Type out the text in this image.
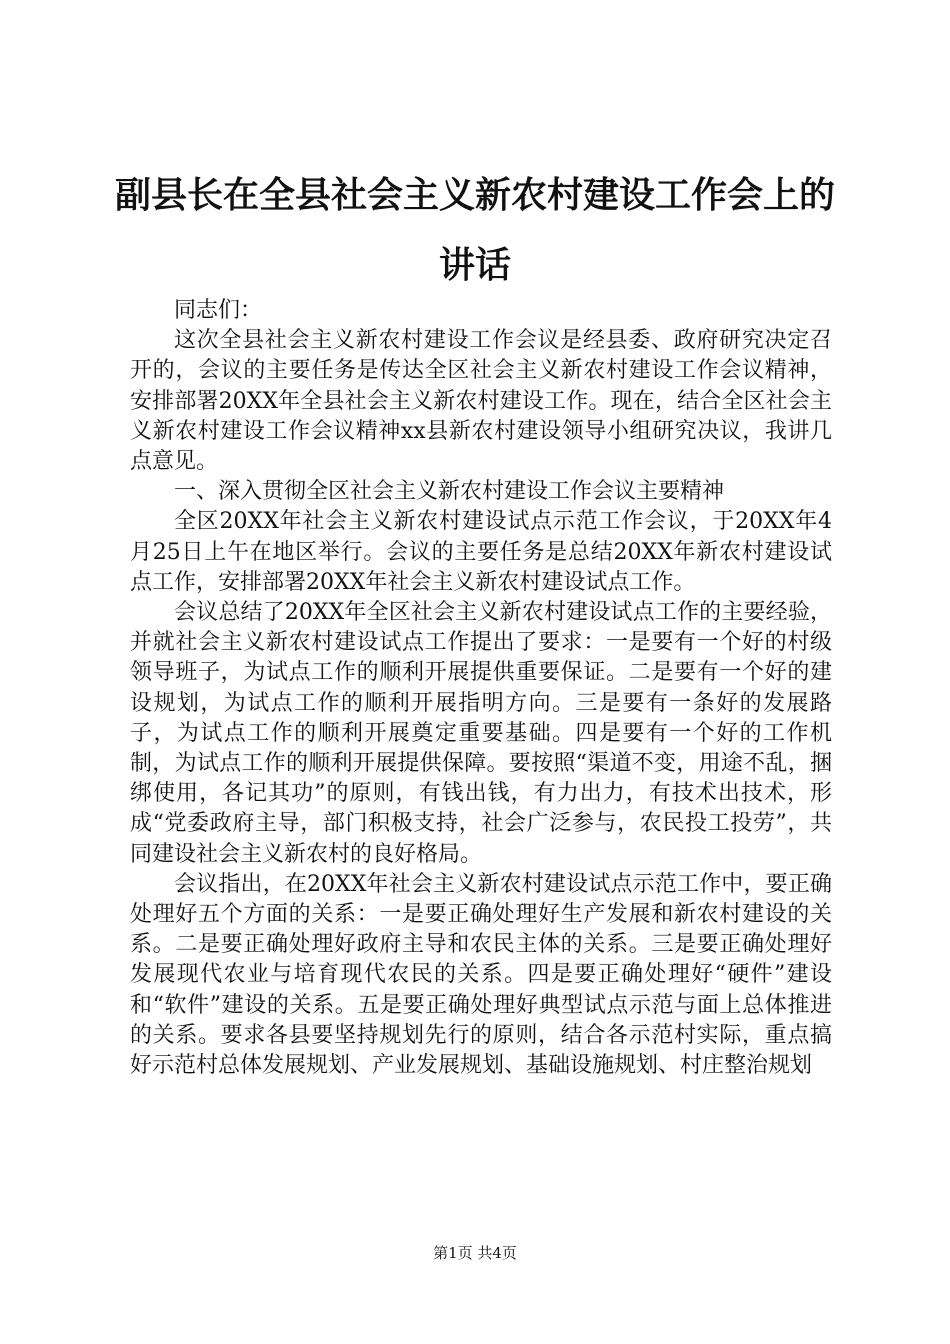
副县长在全县社会主义新农村建设工作会上的讲话

同志们：

这次全县社会主义新农村建设工作会议是经县委、政府研究决定召开的，会议的主要任务是传达全区社会主义新农村建设工作会议精神，安排部署20XX年全县社会主义新农村建设工作。现在，结合全区社会主义新农村建设工作会议精神xx县新农村建设领导小组研究决议，我讲几点意见。

一、深入贯彻全区社会主义新农村建设工作会议主要精神

全区20XX年社会主义新农村建设试点示范工作会议，于20XX年4月25日上午在地区举行。会议的主要任务是总结20XX年新农村建设试点工作，安排部署20XX年社会主义新农村建设试点工作。

会议总结了20XX年全区社会主义新农村建设试点工作的主要经验，并就社会主义新农村建设试点工作提出了要求：一是要有一个好的村级领导班子，为试点工作的顺利开展提供重要保证。二是要有一个好的建设规划，为试点工作的顺利开展指明方向。三是要有一条好的发展路子，为试点工作的顺利开展奠定重要基础。四是要有一个好的工作机制，为试点工作的顺利开展提供保障。要按照“渠道不变，用途不乱，捆绑使用，各记其功”的原则，有钱出钱，有力出力，有技术出技术，形成“党委政府主导，部门积极支持，社会广泛参与，农民投工投劳”，共同建设社会主义新农村的良好格局。

会议指出，在20XX年社会主义新农村建设试点示范工作中，要正确处理好五个方面的关系：一是要正确处理好生产发展和新农村建设的关系。二是要正确处理好政府主导和农民主体的关系。三是要正确处理好发展现代农业与培育现代农民的关系。四是要正确处理好“硬件”建设和“软件”建设的关系。五是要正确处理好典型试点示范与面上总体推进的关系。要求各县要坚持规划先行的原则，结合各示范村实际，重点搞好示范村总体发展规划、产业发展规划、基础设施规划、村庄整治规划

第1页 共4页
